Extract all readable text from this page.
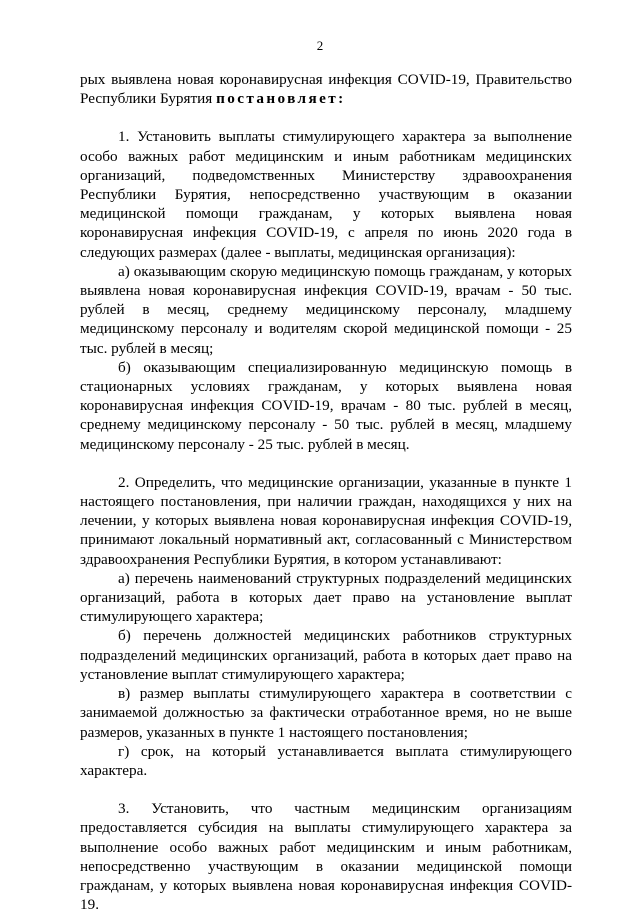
2

рых выявлена новая коронавирусная инфекция COVID-19, Правительство Республики Бурятия постановляет:

1. Установить выплаты стимулирующего характера за выполнение особо важных работ медицинским и иным работникам медицинских организаций, подведомственных Министерству здравоохранения Республики Бурятия, непосредственно участвующим в оказании медицинской помощи гражданам, у которых выявлена новая коронавирусная инфекция COVID-19, с апреля по июнь 2020 года в следующих размерах (далее - выплаты, медицинская организация):

а) оказывающим скорую медицинскую помощь гражданам, у которых выявлена новая коронавирусная инфекция COVID-19, врачам - 50 тыс. рублей в месяц, среднему медицинскому персоналу, младшему медицинскому персоналу и водителям скорой медицинской помощи - 25 тыс. рублей в месяц;

б) оказывающим специализированную медицинскую помощь в стационарных условиях гражданам, у которых выявлена новая коронавирусная инфекция COVID-19, врачам - 80 тыс. рублей в месяц, среднему медицинскому персоналу - 50 тыс. рублей в месяц, младшему медицинскому персоналу - 25 тыс. рублей в месяц.

2. Определить, что медицинские организации, указанные в пункте 1 настоящего постановления, при наличии граждан, находящихся у них на лечении, у которых выявлена новая коронавирусная инфекция COVID-19, принимают локальный нормативный акт, согласованный с Министерством здравоохранения Республики Бурятия, в котором устанавливают:

а) перечень наименований структурных подразделений медицинских организаций, работа в которых дает право на установление выплат стимулирующего характера;

б) перечень должностей медицинских работников структурных подразделений медицинских организаций, работа в которых дает право на установление выплат стимулирующего характера;

в) размер выплаты стимулирующего характера в соответствии с занимаемой должностью за фактически отработанное время, но не выше размеров, указанных в пункте 1 настоящего постановления;

г) срок, на который устанавливается выплата стимулирующего характера.

3. Установить, что частным медицинским организациям предоставляется субсидия на выплаты стимулирующего характера за выполнение особо важных работ медицинским и иным работникам, непосредственно участвующим в оказании медицинской помощи гражданам, у которых выявлена новая коронавирусная инфекция COVID-19.
